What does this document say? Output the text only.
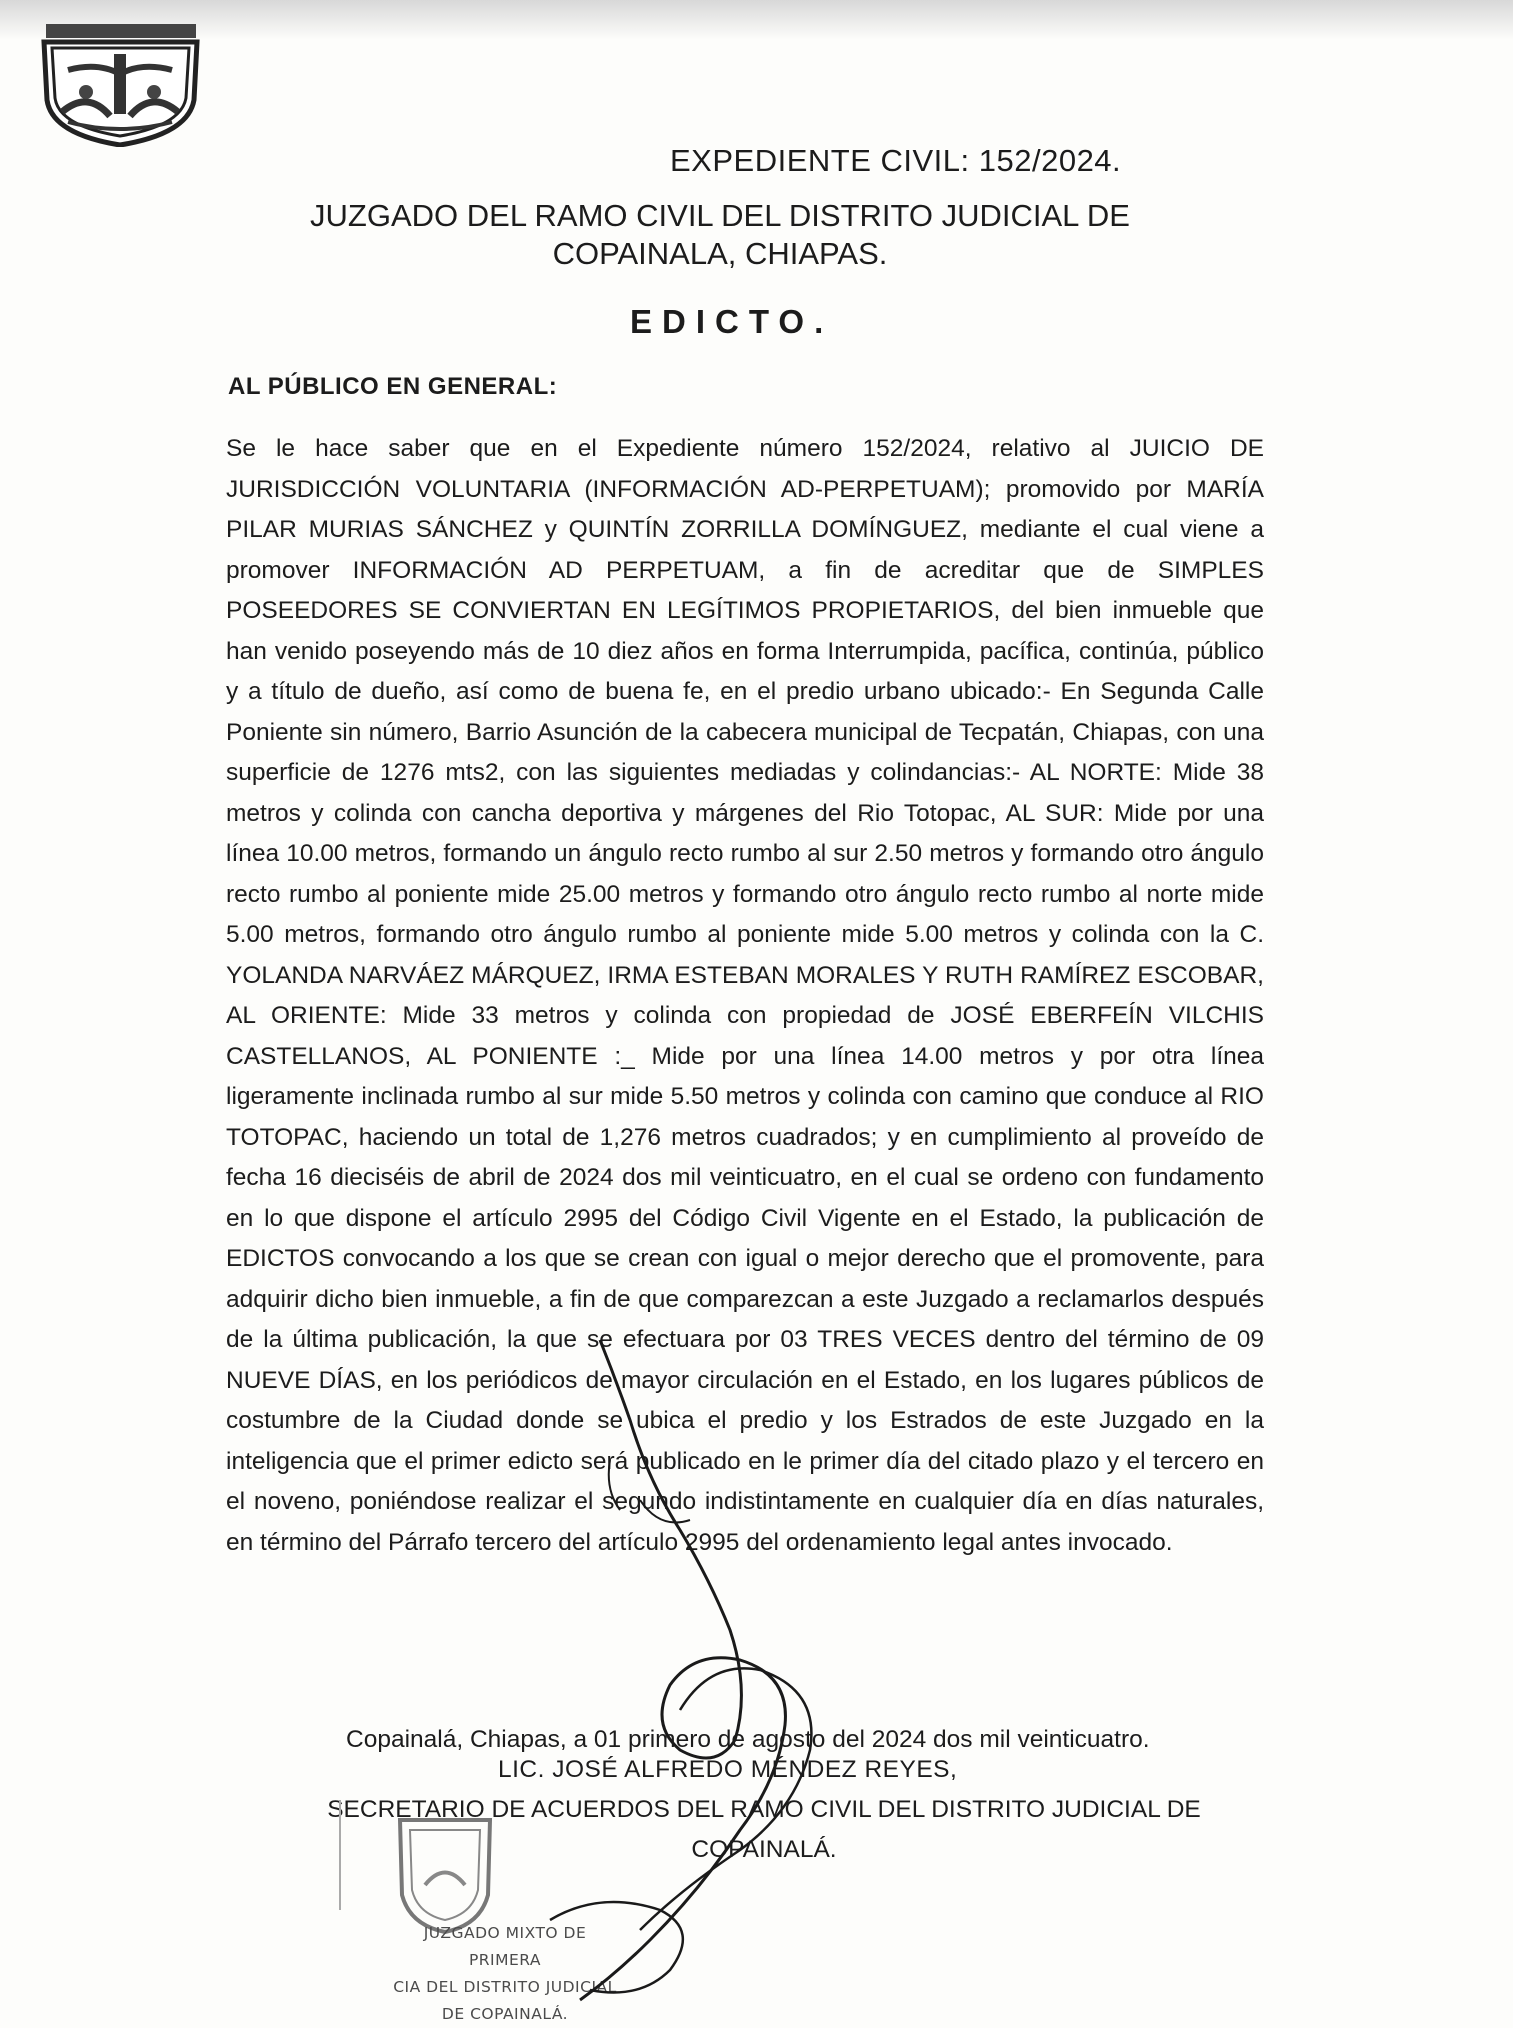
EXPEDIENTE CIVIL: 152/2024.
JUZGADO DEL RAMO CIVIL DEL DISTRITO JUDICIAL DE
COPAINALA, CHIAPAS.
EDICTO.
AL PÚBLICO EN GENERAL:

Se le hace saber que en el Expediente número 152/2024, relativo al JUICIO DE JURISDICCIÓN VOLUNTARIA (INFORMACIÓN AD-PERPETUAM); promovido por MARÍA PILAR MURIAS SÁNCHEZ y QUINTÍN ZORRILLA DOMÍNGUEZ, mediante el cual viene a promover INFORMACIÓN AD PERPETUAM, a fin de acreditar que de SIMPLES POSEEDORES SE CONVIERTAN EN LEGÍTIMOS PROPIETARIOS, del bien inmueble que han venido poseyendo más de 10 diez años en forma Interrumpida, pacífica, continúa, público y a título de dueño, así como de buena fe, en el predio urbano ubicado:- En Segunda Calle Poniente sin número, Barrio Asunción de la cabecera municipal de Tecpatán, Chiapas, con una superficie de 1276 mts2, con las siguientes mediadas y colindancias:- AL NORTE: Mide 38 metros y colinda con cancha deportiva y márgenes del Rio Totopac, AL SUR: Mide por una línea 10.00 metros, formando un ángulo recto rumbo al sur 2.50 metros y formando otro ángulo recto rumbo al poniente mide 25.00 metros y formando otro ángulo recto rumbo al norte mide 5.00 metros, formando otro ángulo rumbo al poniente mide 5.00 metros y colinda con la C. YOLANDA NARVÁEZ MÁRQUEZ, IRMA ESTEBAN MORALES Y RUTH RAMÍREZ ESCOBAR, AL ORIENTE: Mide 33 metros y colinda con propiedad de JOSÉ EBERFEÍN VILCHIS CASTELLANOS, AL PONIENTE :_ Mide por una línea 14.00 metros y por otra línea ligeramente inclinada rumbo al sur mide 5.50 metros y colinda con camino que conduce al RIO TOTOPAC, haciendo un total de 1,276 metros cuadrados; y en cumplimiento al proveído de fecha 16 dieciséis de abril de 2024 dos mil veinticuatro, en el cual se ordeno con fundamento en lo que dispone el artículo 2995 del Código Civil Vigente en el Estado, la publicación de EDICTOS convocando a los que se crean con igual o mejor derecho que el promovente, para adquirir dicho bien inmueble, a fin de que comparezcan a este Juzgado a reclamarlos después de la última publicación, la que se efectuara por 03 TRES VECES dentro del término de 09 NUEVE DÍAS, en los periódicos de mayor circulación en el Estado, en los lugares públicos de costumbre de la Ciudad donde se ubica el predio y los Estrados de este Juzgado en la inteligencia que el primer edicto será publicado en le primer día del citado plazo y el tercero en el noveno, poniéndose realizar el segundo indistintamente en cualquier día en días naturales, en término del Párrafo tercero del artículo 2995 del ordenamiento legal antes invocado.

Copainalá, Chiapas, a 01 primero de agosto del 2024 dos mil veinticuatro.
LIC. JOSÉ ALFREDO MÉNDEZ REYES,
SECRETARIO DE ACUERDOS DEL RAMO CIVIL DEL DISTRITO JUDICIAL DE COPAINALÁ.
JUZGADO MIXTO DE PRIMERA
CIA DEL DISTRITO JUDICIAL
DE COPAINALÁ.
